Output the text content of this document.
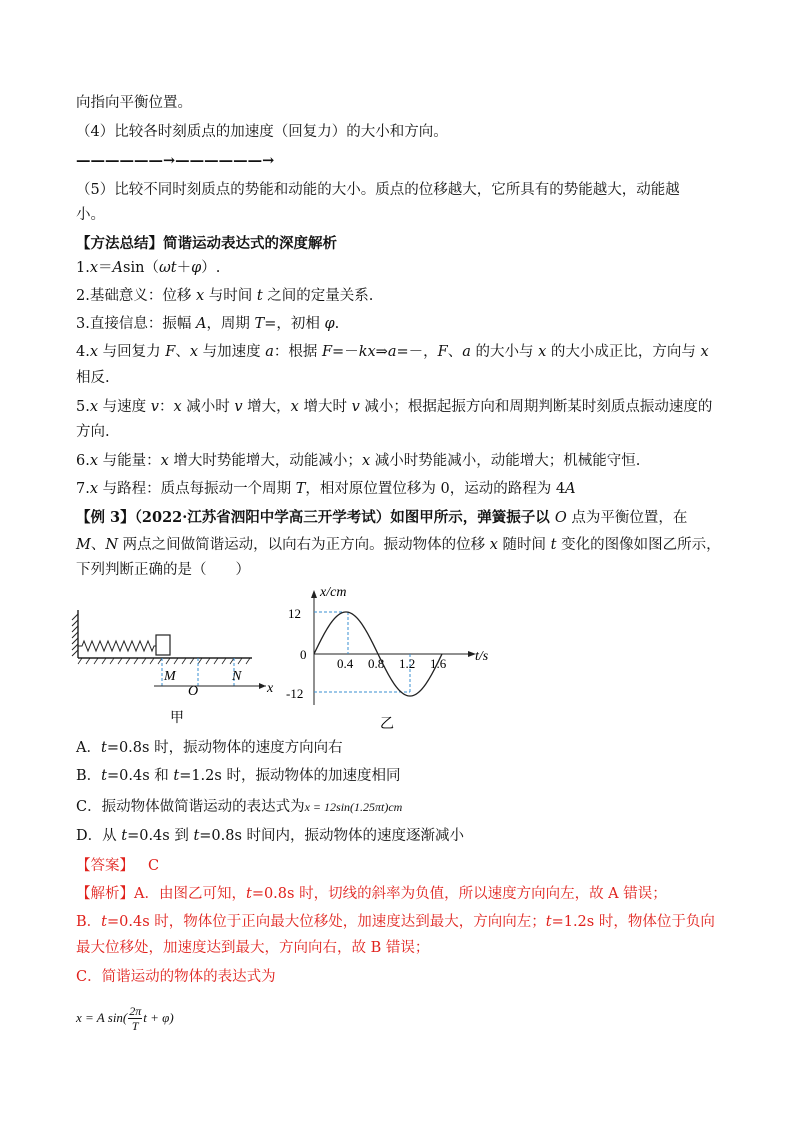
向指向平衡位置。
（4）比较各时刻质点的加速度（回复力）的大小和方向。
——————→——————→
（5）比较不同时刻质点的势能和动能的大小。质点的位移越大，它所具有的势能越大，动能越
小。
【方法总结】简谐运动表达式的深度解析
1.x＝Asin（ωt＋φ）.
2.基础意义：位移 x 与时间 t 之间的定量关系.
3.直接信息：振幅 A，周期 T=，初相 φ.
4.x 与回复力 F、x 与加速度 a：根据 F=－kx⇒a=－，F、a 的大小与 x 的大小成正比，方向与 x
相反.
5.x 与速度 v：x 减小时 v 增大，x 增大时 v 减小；根据起振方向和周期判断某时刻质点振动速度的
方向.
6.x 与能量：x 增大时势能增大，动能减小；x 减小时势能减小，动能增大；机械能守恒.
7.x 与路程：质点每振动一个周期 T，相对原位置位移为 0，运动的路程为 4A
【例 3】（2022·江苏省泗阳中学高三开学考试）如图甲所示，弹簧振子以 O 点为平衡位置，在
M、N 两点之间做简谐运动，以向右为正方向。振动物体的位移 x 随时间 t 变化的图像如图乙所示，
下列判断正确的是（　　）
M
O
N
x
甲
x/cm
t/s
12
0
-12
0.4 0.8 1.2 1.6
乙
A．t=0.8s 时，振动物体的速度方向向右
B．t=0.4s 和 t=1.2s 时，振动物体的加速度相同
C．振动物体做简谐运动的表达式为x = 12sin(1.25πt)cm
D．从 t=0.4s 到 t=0.8s 时间内，振动物体的速度逐渐减小
【答案】 C
【解析】A．由图乙可知，t=0.8s 时，切线的斜率为负值，所以速度方向向左，故 A 错误；
B．t=0.4s 时，物体位于正向最大位移处，加速度达到最大，方向向左；t=1.2s 时，物体位于负向
最大位移处，加速度达到最大，方向向右，故 B 错误；
C．简谐运动的物体的表达式为
x = A $\sin( \frac{2\pi}{T}$ t + φ)
